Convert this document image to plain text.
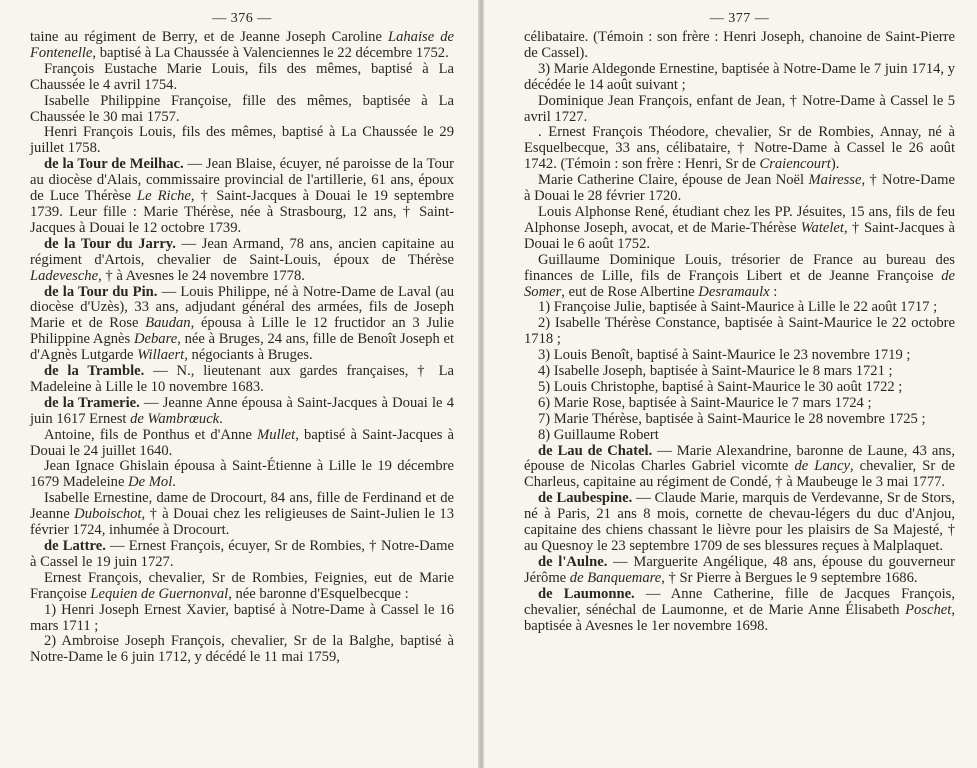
— 376 —

taine au régiment de Berry, et de Jeanne Joseph Caroline Lahaise de Fontenelle, baptisé à La Chaussée à Valenciennes le 22 décembre 1752.

François Eustache Marie Louis, fils des mêmes, baptisé à La Chaussée le 4 avril 1754.

Isabelle Philippine Françoise, fille des mêmes, baptisée à La Chaussée le 30 mai 1757.

Henri François Louis, fils des mêmes, baptisé à La Chaussée le 29 juillet 1758.

de la Tour de Meilhac. — Jean Blaise, écuyer, né paroisse de la Tour au diocèse d'Alais, commissaire provincial de l'artillerie, 61 ans, époux de Luce Thérèse Le Riche, † Saint-Jacques à Douai le 19 septembre 1739. Leur fille : Marie Thérèse, née à Strasbourg, 12 ans, † Saint-Jacques à Douai le 12 octobre 1739.

de la Tour du Jarry. — Jean Armand, 78 ans, ancien capitaine au régiment d'Artois, chevalier de Saint-Louis, époux de Thérèse Ladevesche, † à Avesnes le 24 novembre 1778.

de la Tour du Pin. — Louis Philippe, né à Notre-Dame de Laval (au diocèse d'Uzès), 33 ans, adjudant général des armées, fils de Joseph Marie et de Rose Baudan, épousa à Lille le 12 fructidor an 3 Julie Philippine Agnès Debare, née à Bruges, 24 ans, fille de Benoît Joseph et d'Agnès Lutgarde Willaert, négociants à Bruges.

de la Tramble. — N., lieutenant aux gardes françaises, † La Madeleine à Lille le 10 novembre 1683.

de la Tramerie. — Jeanne Anne épousa à Saint-Jacques à Douai le 4 juin 1617 Ernest de Wambrœuck.

Antoine, fils de Ponthus et d'Anne Mullet, baptisé à Saint-Jacques à Douai le 24 juillet 1640.

Jean Ignace Ghislain épousa à Saint-Étienne à Lille le 19 décembre 1679 Madeleine De Mol.

Isabelle Ernestine, dame de Drocourt, 84 ans, fille de Ferdinand et de Jeanne Duboischot, † à Douai chez les religieuses de Saint-Julien le 13 février 1724, inhumée à Drocourt.

de Lattre. — Ernest François, écuyer, Sr de Rombies, † Notre-Dame à Cassel le 19 juin 1727.

Ernest François, chevalier, Sr de Rombies, Feignies, eut de Marie Françoise Lequien de Guernonval, née baronne d'Esquelbecque :

1) Henri Joseph Ernest Xavier, baptisé à Notre-Dame à Cassel le 16 mars 1711 ;

2) Ambroise Joseph François, chevalier, Sr de la Balghe, baptisé à Notre-Dame le 6 juin 1712, y décédé le 11 mai 1759,

— 377 —

célibataire. (Témoin : son frère : Henri Joseph, chanoine de Saint-Pierre de Cassel).

3) Marie Aldegonde Ernestine, baptisée à Notre-Dame le 7 juin 1714, y décédée le 14 août suivant ;

Dominique Jean François, enfant de Jean, † Notre-Dame à Cassel le 5 avril 1727.

. Ernest François Théodore, chevalier, Sr de Rombies, Annay, né à Esquelbecque, 33 ans, célibataire, † Notre-Dame à Cassel le 26 août 1742. (Témoin : son frère : Henri, Sr de Craiencourt).

Marie Catherine Claire, épouse de Jean Noël Mairesse, † Notre-Dame à Douai le 28 février 1720.

Louis Alphonse René, étudiant chez les PP. Jésuites, 15 ans, fils de feu Alphonse Joseph, avocat, et de Marie-Thérèse Watelet, † Saint-Jacques à Douai le 6 août 1752.

Guillaume Dominique Louis, trésorier de France au bureau des finances de Lille, fils de François Libert et de Jeanne Françoise de Somer, eut de Rose Albertine Desramaulx :

1) Françoise Julie, baptisée à Saint-Maurice à Lille le 22 août 1717 ;

2) Isabelle Thérèse Constance, baptisée à Saint-Maurice le 22 octobre 1718 ;

3) Louis Benoît, baptisé à Saint-Maurice le 23 novembre 1719 ;

4) Isabelle Joseph, baptisée à Saint-Maurice le 8 mars 1721 ;

5) Louis Christophe, baptisé à Saint-Maurice le 30 août 1722 ;

6) Marie Rose, baptisée à Saint-Maurice le 7 mars 1724 ;

7) Marie Thérèse, baptisée à Saint-Maurice le 28 novembre 1725 ;

8) Guillaume Robert

de Lau de Chatel. — Marie Alexandrine, baronne de Laune, 43 ans, épouse de Nicolas Charles Gabriel vicomte de Lancy, chevalier, Sr de Charleus, capitaine au régiment de Condé, † à Maubeuge le 3 mai 1777.

de Laubespine. — Claude Marie, marquis de Verdevanne, Sr de Stors, né à Paris, 21 ans 8 mois, cornette de chevau-légers du duc d'Anjou, capitaine des chiens chassant le lièvre pour les plaisirs de Sa Majesté, † au Quesnoy le 23 septembre 1709 de ses blessures reçues à Malplaquet.

de l'Aulne. — Marguerite Angélique, 48 ans, épouse du gouverneur Jérôme de Banquemare, † Sr Pierre à Bergues le 9 septembre 1686.

de Laumonne. — Anne Catherine, fille de Jacques François, chevalier, sénéchal de Laumonne, et de Marie Anne Élisabeth Poschet, baptisée à Avesnes le 1er novembre 1698.
